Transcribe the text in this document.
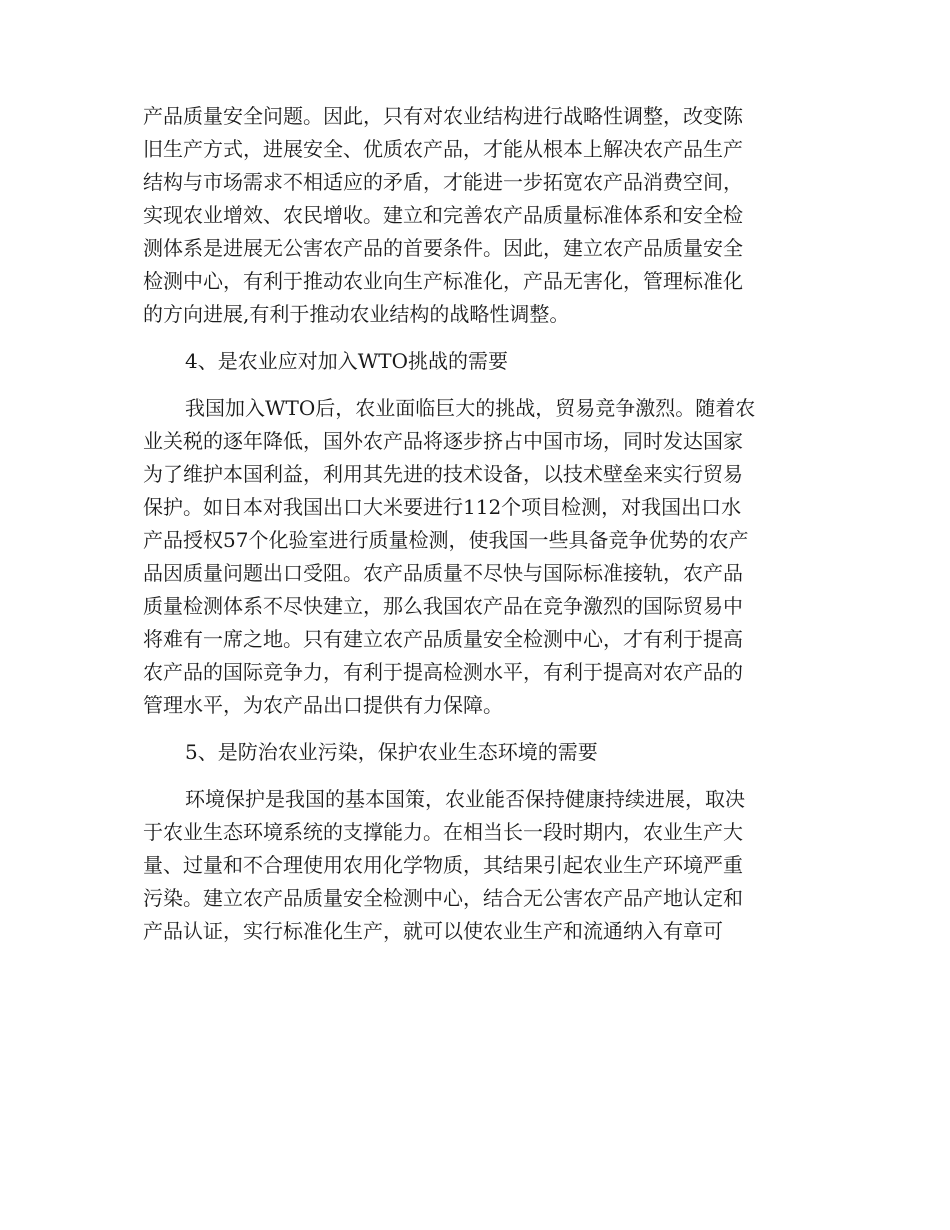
产品质量安全问题。因此，只有对农业结构进行战略性调整，改变陈
旧生产方式，进展安全、优质农产品，才能从根本上解决农产品生产
结构与市场需求不相适应的矛盾，才能进一步拓宽农产品消费空间，
实现农业增效、农民增收。建立和完善农产品质量标准体系和安全检
测体系是进展无公害农产品的首要条件。因此，建立农产品质量安全
检测中心，有利于推动农业向生产标准化，产品无害化，管理标准化
的方向进展,有利于推动农业结构的战略性调整。
4、是农业应对加入WTO挑战的需要
我国加入WTO后，农业面临巨大的挑战，贸易竞争激烈。随着农
业关税的逐年降低，国外农产品将逐步挤占中国市场，同时发达国家
为了维护本国利益，利用其先进的技术设备，以技术壁垒来实行贸易
保护。如日本对我国出口大米要进行112个项目检测，对我国出口水
产品授权57个化验室进行质量检测，使我国一些具备竞争优势的农产
品因质量问题出口受阻。农产品质量不尽快与国际标准接轨，农产品
质量检测体系不尽快建立，那么我国农产品在竞争激烈的国际贸易中
将难有一席之地。只有建立农产品质量安全检测中心，才有利于提高
农产品的国际竞争力，有利于提高检测水平，有利于提高对农产品的
管理水平，为农产品出口提供有力保障。
5、是防治农业污染，保护农业生态环境的需要
环境保护是我国的基本国策，农业能否保持健康持续进展，取决
于农业生态环境系统的支撑能力。在相当长一段时期内，农业生产大
量、过量和不合理使用农用化学物质，其结果引起农业生产环境严重
污染。建立农产品质量安全检测中心，结合无公害农产品产地认定和
产品认证，实行标准化生产，就可以使农业生产和流通纳入有章可
